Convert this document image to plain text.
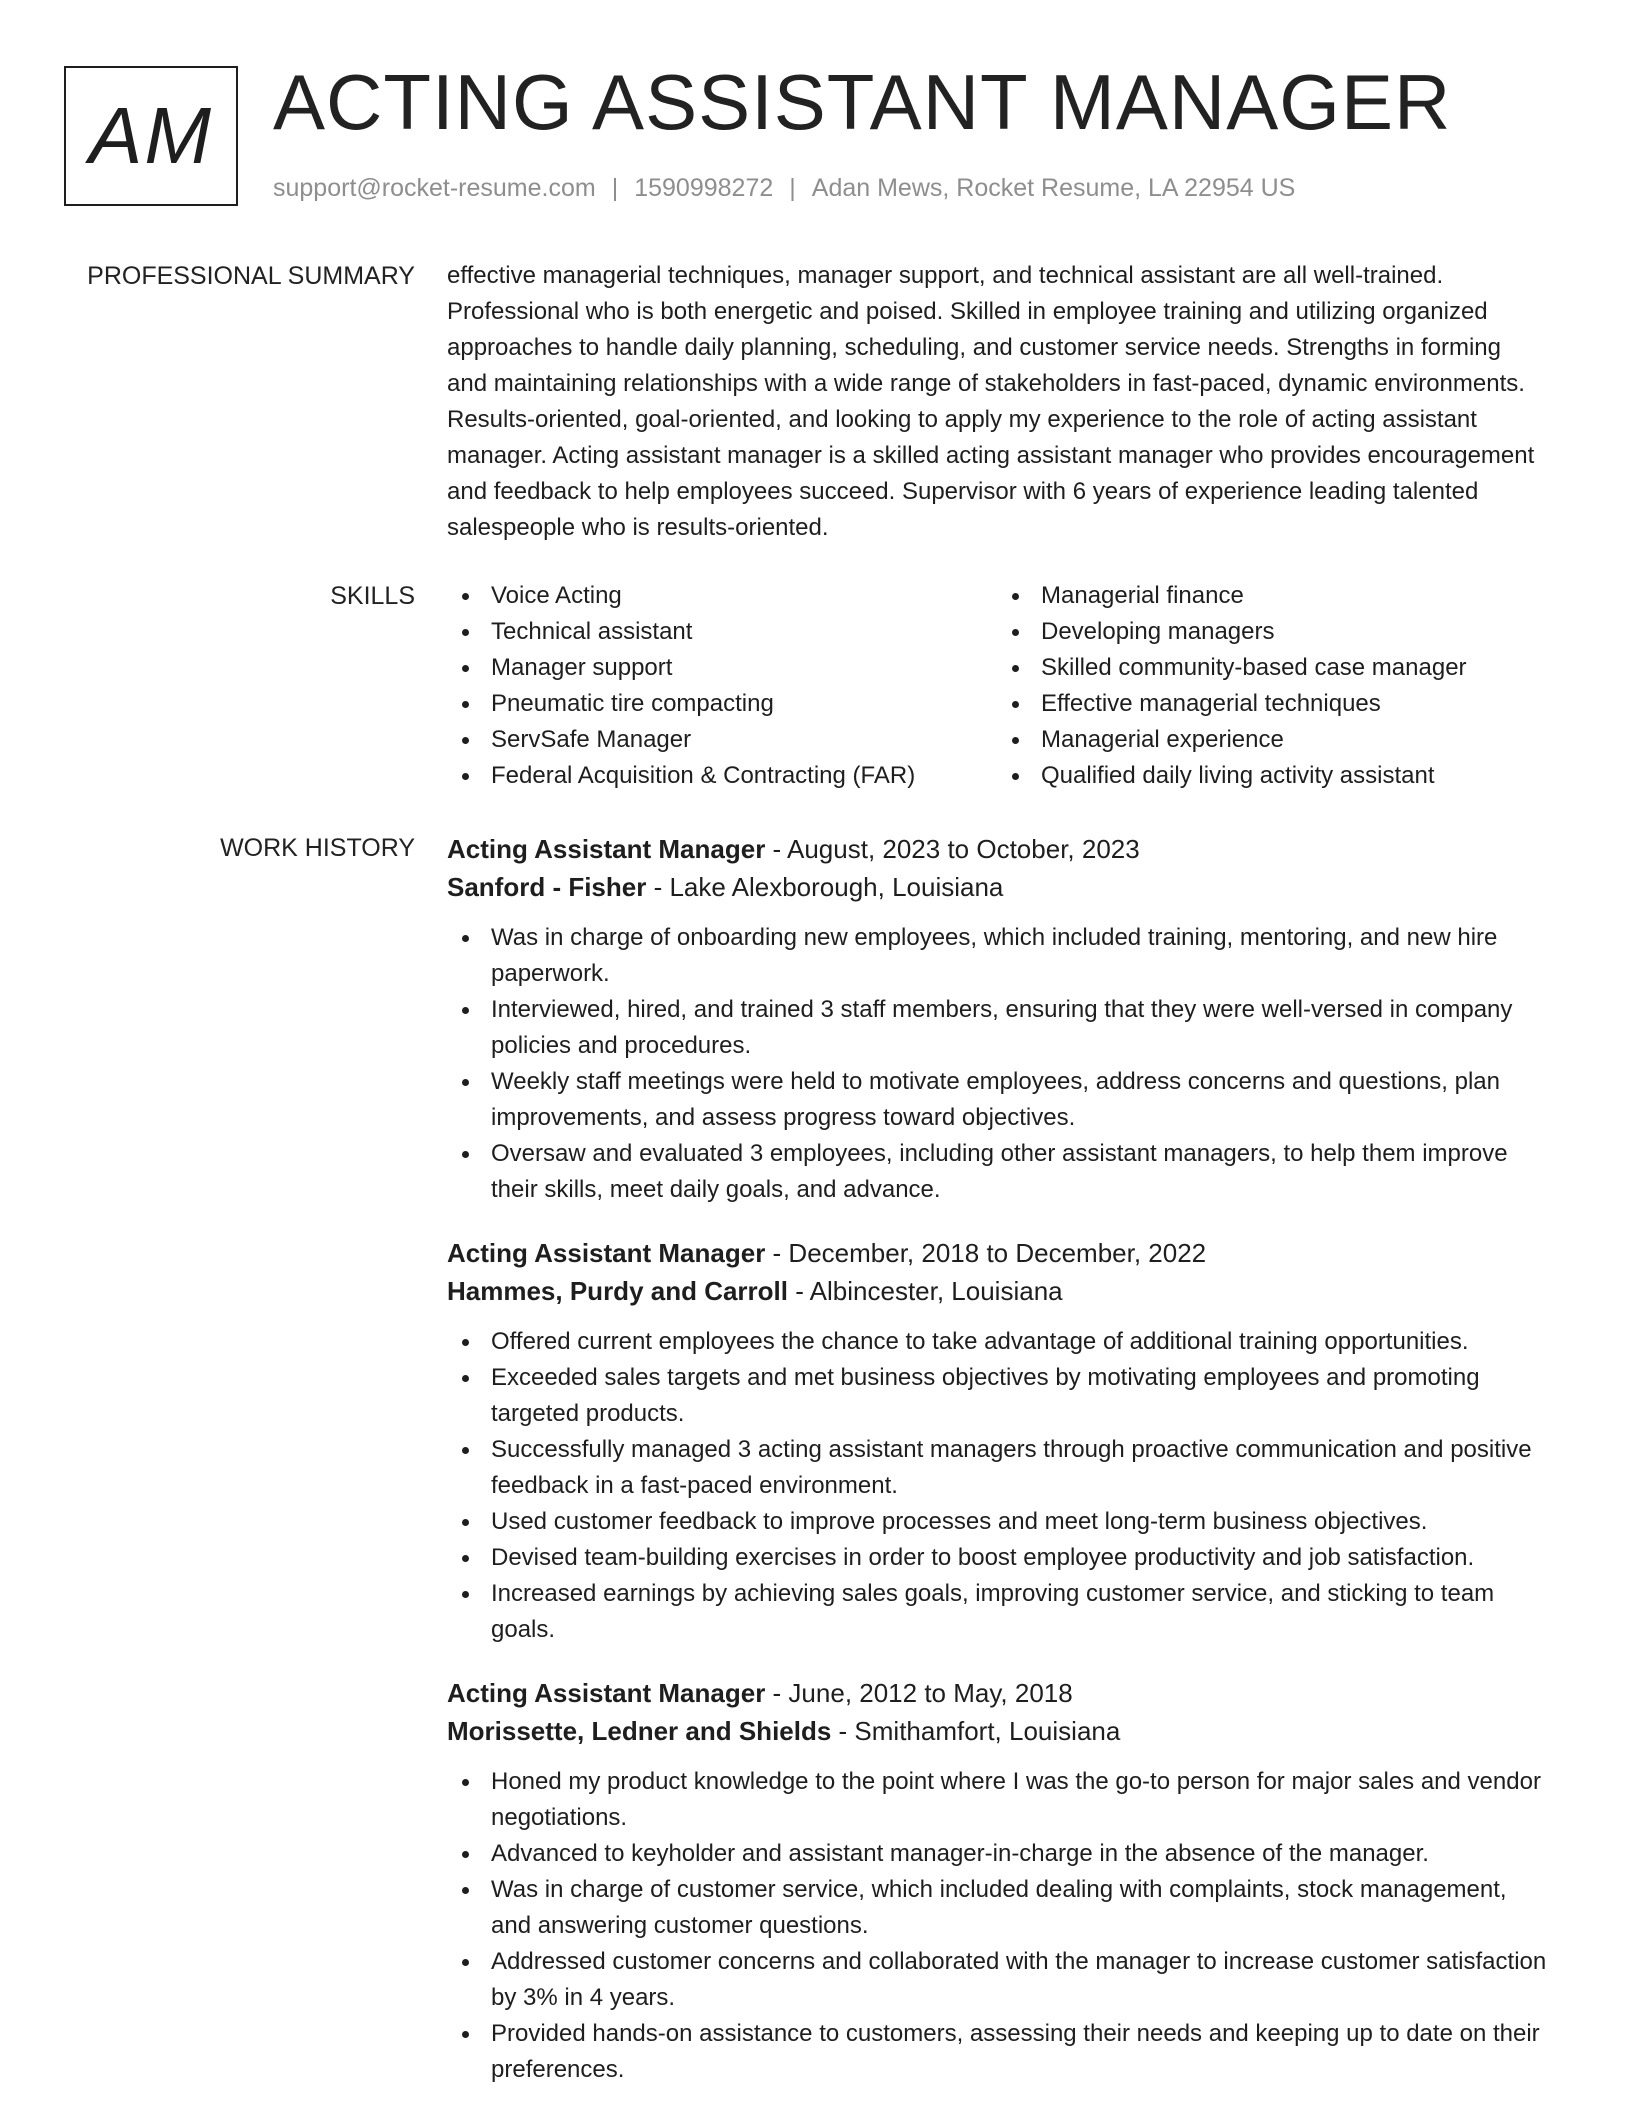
AM ACTING ASSISTANT MANAGER
support@rocket-resume.com | 1590998272 | Adan Mews, Rocket Resume, LA 22954 US
PROFESSIONAL SUMMARY effective managerial techniques, manager support, and technical assistant are all well-trained. Professional who is both energetic and poised. Skilled in employee training and utilizing organized approaches to handle daily planning, scheduling, and customer service needs. Strengths in forming and maintaining relationships with a wide range of stakeholders in fast-paced, dynamic environments. Results-oriented, goal-oriented, and looking to apply my experience to the role of acting assistant manager. Acting assistant manager is a skilled acting assistant manager who provides encouragement and feedback to help employees succeed. Supervisor with 6 years of experience leading talented salespeople who is results-oriented.

SKILLS	Voice Acting
Technical assistant
Manager support
Pneumatic tire compacting
ServSafe Manager
Federal Acquisition & Contracting (FAR)
Managerial finance
Developing managers
Skilled community-based case manager
Effective managerial techniques
Managerial experience
Qualified daily living activity assistant
WORK HISTORY Acting Assistant Manager - August, 2023 to October, 2023
Sanford - Fisher - Lake Alexborough, Louisiana
Was in charge of onboarding new employees, which included training, mentoring, and new hire paperwork.
Interviewed, hired, and trained 3 staff members, ensuring that they were well-versed in company policies and procedures.
Weekly staff meetings were held to motivate employees, address concerns and questions, plan improvements, and assess progress toward objectives.
Oversaw and evaluated 3 employees, including other assistant managers, to help them improve their skills, meet daily goals, and advance.
Acting Assistant Manager - December, 2018 to December, 2022
Hammes, Purdy and Carroll - Albincester, Louisiana
Offered current employees the chance to take advantage of additional training opportunities.
Exceeded sales targets and met business objectives by motivating employees and promoting targeted products.
Successfully managed 3 acting assistant managers through proactive communication and positive feedback in a fast-paced environment.
Used customer feedback to improve processes and meet long-term business objectives.
Devised team-building exercises in order to boost employee productivity and job satisfaction.
Increased earnings by achieving sales goals, improving customer service, and sticking to team goals.
Acting Assistant Manager - June, 2012 to May, 2018
Morissette, Ledner and Shields - Smithamfort, Louisiana
Honed my product knowledge to the point where I was the go-to person for major sales and vendor negotiations.
Advanced to keyholder and assistant manager-in-charge in the absence of the manager.
Was in charge of customer service, which included dealing with complaints, stock management, and answering customer questions.
Addressed customer concerns and collaborated with the manager to increase customer satisfaction by 3% in 4 years.
Provided hands-on assistance to customers, assessing their needs and keeping up to date on their preferences.
